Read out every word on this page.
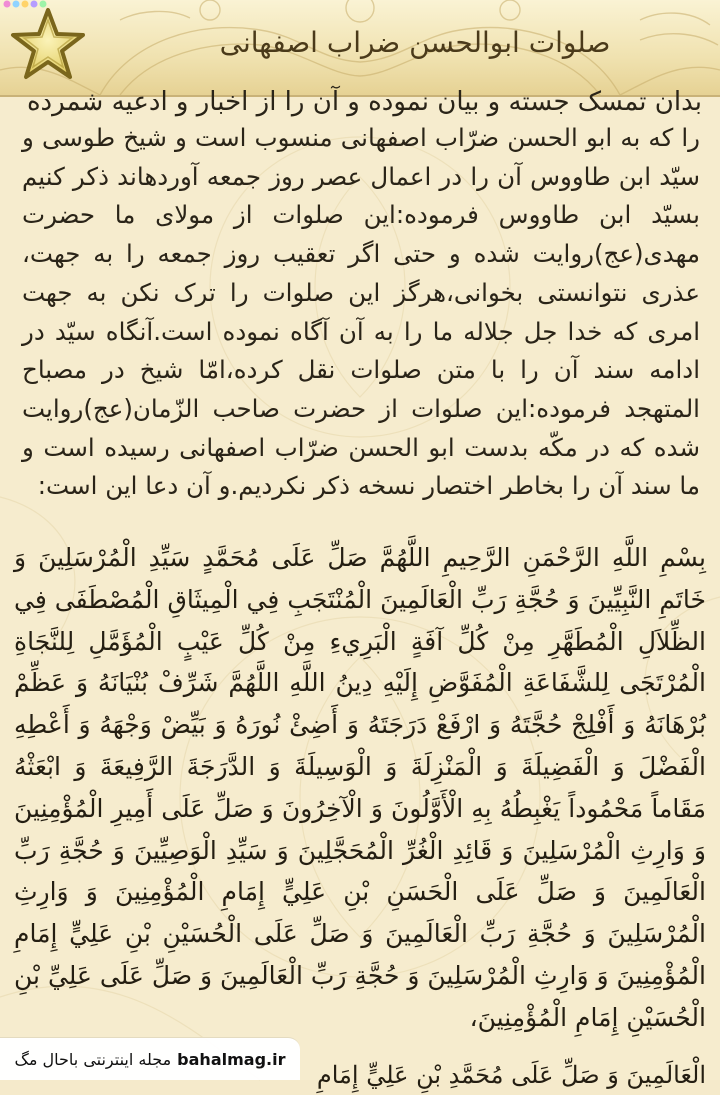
صلوات ابوالحسن ضراب اصفهانی
بدان تمسک جسته و بیان نموده و آن را از اخبار و ادعیه شمرده
را که به ابو الحسن ضرّاب اصفهانی منسوب است و شیخ طوسی و سیّد ابن طاووس آن را در اعمال عصر روز جمعه آوردهاند ذکر کنیم بسیّد ابن طاووس فرموده:این صلوات از مولای ما حضرت مهدی(عج)روایت شده و حتی اگر تعقیب روز جمعه را به جهت، عذری نتوانستی بخوانی،هرگز این صلوات را ترک نکن به جهت امری که خدا جل جلاله ما را به آن آگاه نموده است.آنگاه سیّد در ادامه سند آن را با متن صلوات نقل کرده،امّا شیخ در مصباح المتهجد فرموده:این صلوات از حضرت صاحب الزّمان(عج)روایت شده که در مکّه بدست ابو الحسن ضرّاب اصفهانی رسیده است و ما سند آن را بخاطر اختصار نسخه ذکر نکردیم.و آن دعا این است:
بِسْمِ اللَّهِ الرَّحْمَنِ الرَّحِيمِ اللَّهُمَّ صَلِّ عَلَى مُحَمَّدٍ سَيِّدِ الْمُرْسَلِينَ وَ خَاتَمِ النَّبِيِّينَ وَ حُجَّةِ رَبِّ الْعَالَمِينَ الْمُنْتَجَبِ فِي الْمِيثَاقِ الْمُصْطَفَى فِي الظِّلاَلِ الْمُطَهَّرِ مِنْ كُلِّ آفَةٍ الْبَرِيءِ مِنْ كُلِّ عَيْبٍ الْمُؤَمَّلِ لِلنَّجَاةِ الْمُرْتَجَى لِلشَّفَاعَةِ الْمُفَوَّضِ إِلَيْهِ دِينُ اللَّهِ اللَّهُمَّ شَرِّفْ بُنْيَانَهُ وَ عَظِّمْ بُرْهَانَهُ وَ أَفْلِجْ حُجَّتَهُ وَ ارْفَعْ دَرَجَتَهُ وَ أَضِئْ نُورَهُ وَ بَيِّضْ وَجْهَهُ وَ أَعْطِهِ الْفَضْلَ وَ الْفَضِيلَةَ وَ الْمَنْزِلَةَ وَ الْوَسِيلَةَ وَ الدَّرَجَةَ الرَّفِيعَةَ وَ ابْعَثْهُ مَقَاماً مَحْمُوداً يَغْبِطُهُ بِهِ الْأَوَّلُونَ وَ الْآخِرُونَ وَ صَلِّ عَلَى أَمِيرِ الْمُؤْمِنِينَ وَ وَارِثِ الْمُرْسَلِينَ وَ قَائِدِ الْغُرِّ الْمُحَجَّلِينَ وَ سَيِّدِ الْوَصِيِّينَ وَ حُجَّةِ رَبِّ الْعَالَمِينَ وَ صَلِّ عَلَى الْحَسَنِ بْنِ عَلِيٍّ إِمَامِ الْمُؤْمِنِينَ وَ وَارِثِ الْمُرْسَلِينَ وَ حُجَّةِ رَبِّ الْعَالَمِينَ وَ صَلِّ عَلَى الْحُسَيْنِ بْنِ عَلِيٍّ إِمَامِ الْمُؤْمِنِينَ وَ وَارِثِ الْمُرْسَلِينَ وَ حُجَّةِ رَبِّ الْعَالَمِينَ وَ صَلِّ عَلَى عَلِيِّ بْنِ الْحُسَيْنِ إِمَامِ الْمُؤْمِنِينَ،
الْعَالَمِينَ وَ صَلِّ عَلَى مُحَمَّدِ بْنِ عَلِيٍّ إِمَامِ
bahalmag.ir
مجله اینترنتی باحال مگ
